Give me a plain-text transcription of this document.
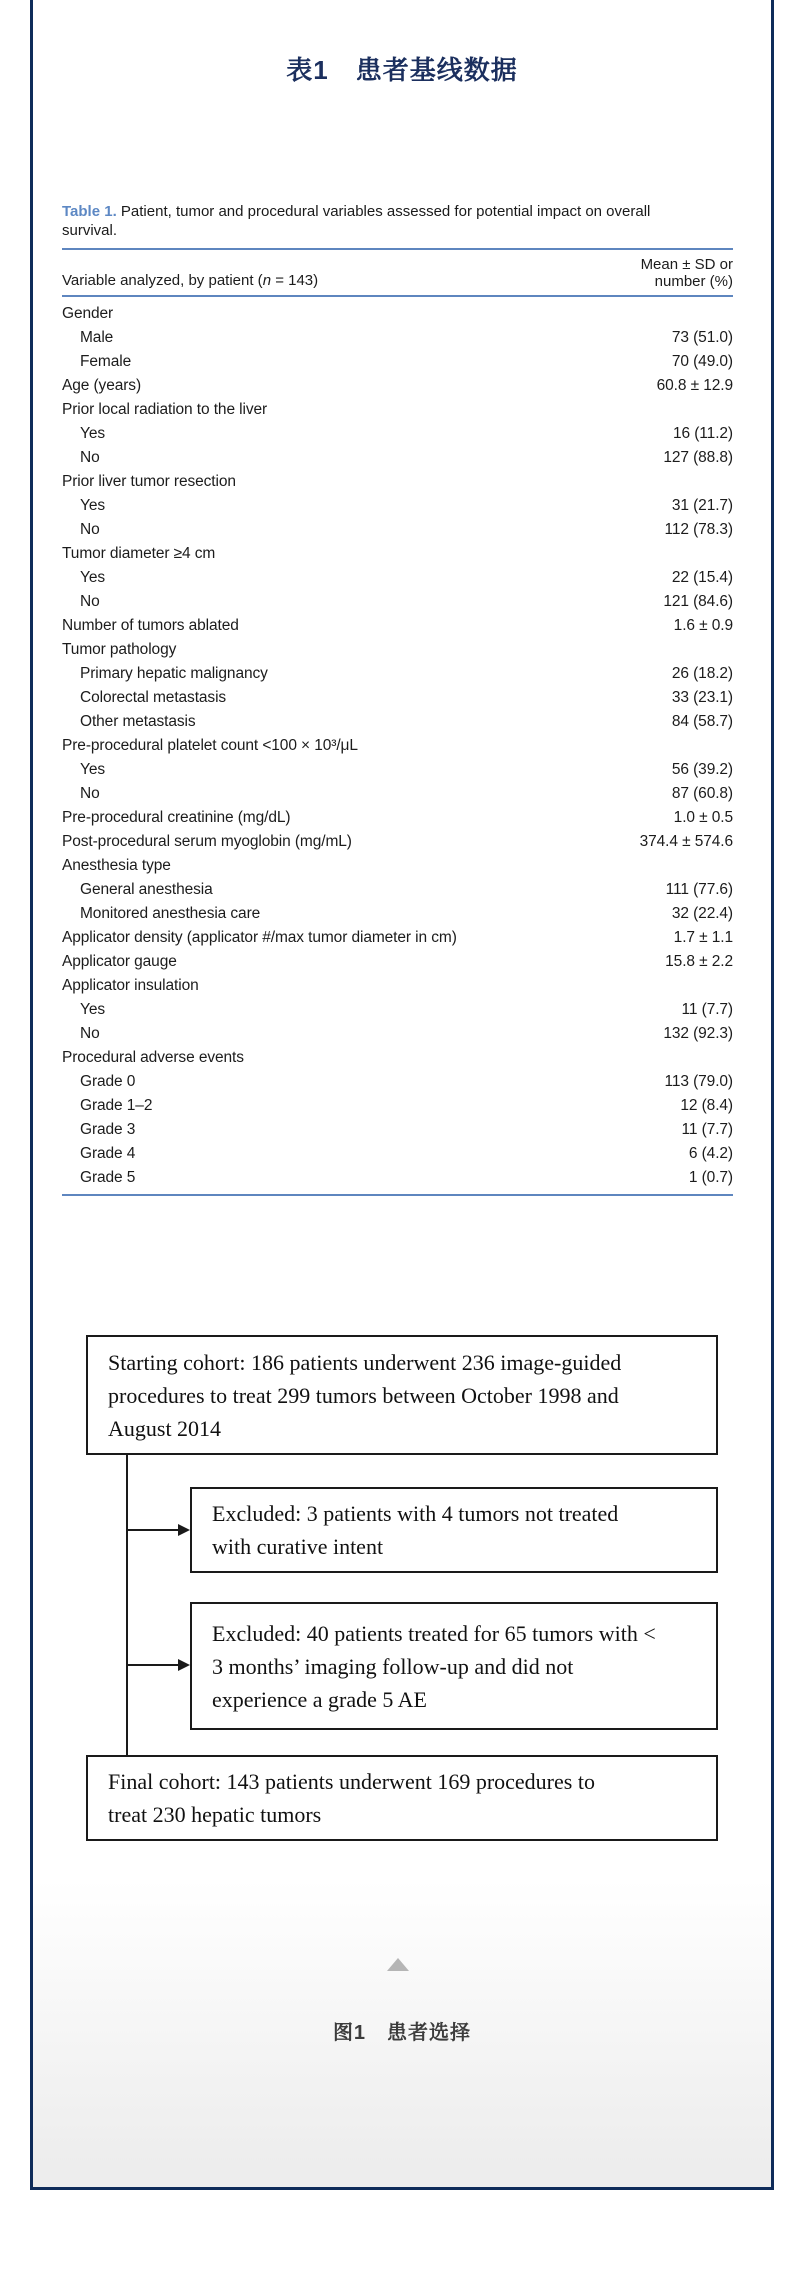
表1　患者基线数据
Table 1. Patient, tumor and procedural variables assessed for potential impact on overall survival.
Variable analyzed, by patient (n = 143)
Mean ± SD or
number (%)
Gender
Male	73 (51.0)
Female	70 (49.0)
Age (years)	60.8 ± 12.9
Prior local radiation to the liver
Yes	16 (11.2)
No	127 (88.8)
Prior liver tumor resection
Yes	31 (21.7)
No	112 (78.3)
Tumor diameter ≥4 cm
Yes	22 (15.4)
No	121 (84.6)
Number of tumors ablated	1.6 ± 0.9
Tumor pathology
Primary hepatic malignancy	26 (18.2)
Colorectal metastasis	33 (23.1)
Other metastasis	84 (58.7)
Pre-procedural platelet count <100 × 10³/μL
Yes	56 (39.2)
No	87 (60.8)
Pre-procedural creatinine (mg/dL)	1.0 ± 0.5
Post-procedural serum myoglobin (mg/mL)	374.4 ± 574.6
Anesthesia type
General anesthesia	111 (77.6)
Monitored anesthesia care	32 (22.4)
Applicator density (applicator #/max tumor diameter in cm)	1.7 ± 1.1
Applicator gauge	15.8 ± 2.2
Applicator insulation
Yes	11 (7.7)
No	132 (92.3)
Procedural adverse events
Grade 0	113 (79.0)
Grade 1–2	12 (8.4)
Grade 3	11 (7.7)
Grade 4	6 (4.2)
Grade 5	1 (0.7)
Starting cohort: 186 patients underwent 236 image-guided procedures to treat 299 tumors between October 1998 and August 2014
Excluded: 3 patients with 4 tumors not treated with curative intent
Excluded: 40 patients treated for 65 tumors with < 3 months’ imaging follow-up and did not experience a grade 5 AE
Final cohort: 143 patients underwent 169 procedures to treat 230 hepatic tumors
图1　患者选择
